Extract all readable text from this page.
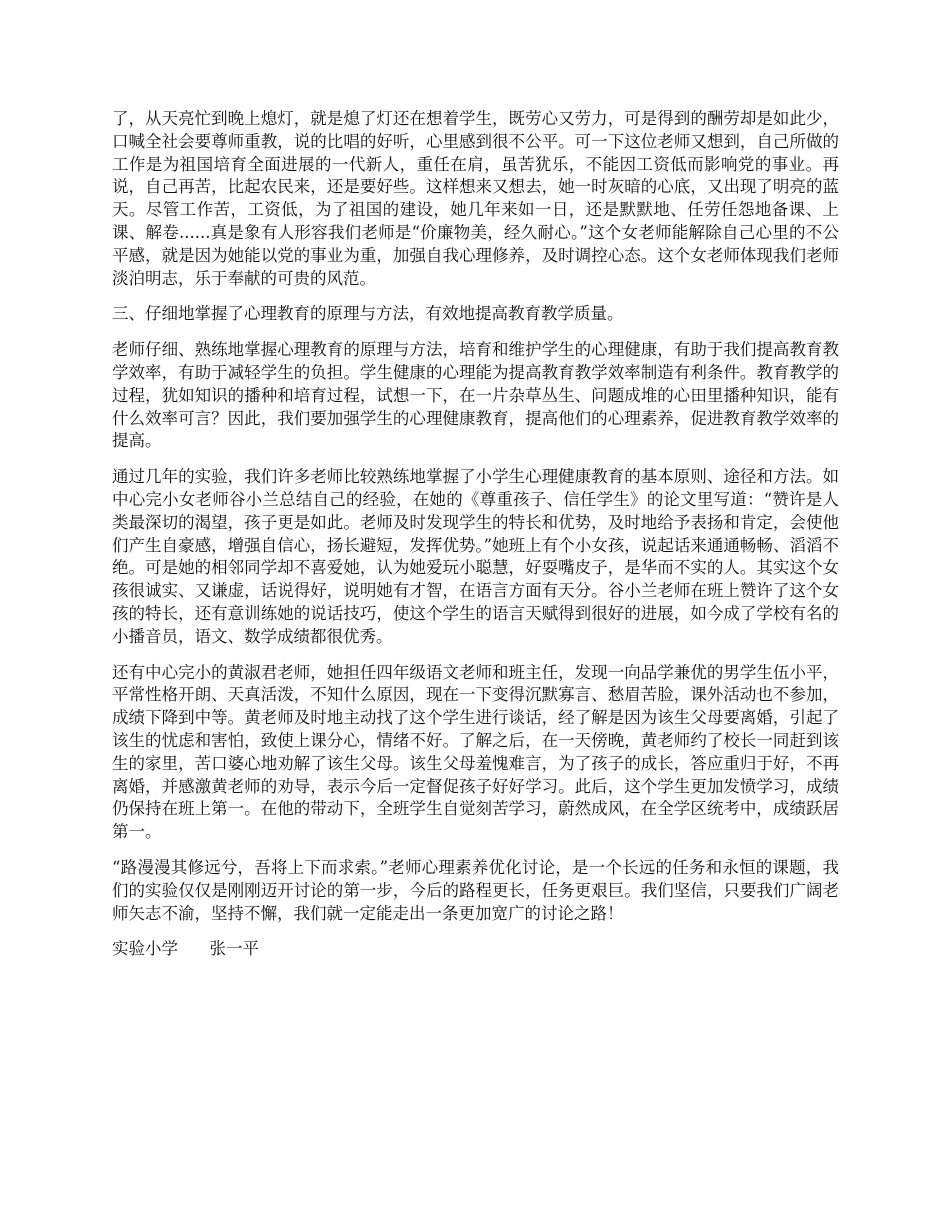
了，从天亮忙到晚上熄灯，就是熄了灯还在想着学生，既劳心又劳力，可是得到的酬劳却是如此少，口喊全社会要尊师重教，说的比唱的好听，心里感到很不公平。可一下这位老师又想到，自己所做的工作是为祖国培育全面进展的一代新人，重任在肩，虽苦犹乐，不能因工资低而影响党的事业。再说，自己再苦，比起农民来，还是要好些。这样想来又想去，她一时灰暗的心底，又出现了明亮的蓝天。尽管工作苦，工资低，为了祖国的建设，她几年来如一日，还是默默地、任劳任怨地备课、上课、解卷......真是象有人形容我们老师是“价廉物美，经久耐心。”这个女老师能解除自己心里的不公平感，就是因为她能以党的事业为重，加强自我心理修养，及时调控心态。这个女老师体现我们老师淡泊明志，乐于奉献的可贵的风范。

三、仔细地掌握了心理教育的原理与方法，有效地提高教育教学质量。

老师仔细、熟练地掌握心理教育的原理与方法，培育和维护学生的心理健康，有助于我们提高教育教学效率，有助于减轻学生的负担。学生健康的心理能为提高教育教学效率制造有利条件。教育教学的过程，犹如知识的播种和培育过程，试想一下，在一片杂草丛生、问题成堆的心田里播种知识，能有什么效率可言？因此，我们要加强学生的心理健康教育，提高他们的心理素养，促进教育教学效率的提高。

通过几年的实验，我们许多老师比较熟练地掌握了小学生心理健康教育的基本原则、途径和方法。如中心完小女老师谷小兰总结自己的经验，在她的《尊重孩子、信任学生》的论文里写道：“赞许是人类最深切的渴望，孩子更是如此。老师及时发现学生的特长和优势，及时地给予表扬和肯定，会使他们产生自豪感，增强自信心，扬长避短，发挥优势。”她班上有个小女孩，说起话来通通畅畅、滔滔不绝。可是她的相邻同学却不喜爱她，认为她爱玩小聪慧，好耍嘴皮子，是华而不实的人。其实这个女孩很诚实、又谦虚，话说得好，说明她有才智，在语言方面有天分。谷小兰老师在班上赞许了这个女孩的特长，还有意训练她的说话技巧，使这个学生的语言天赋得到很好的进展，如今成了学校有名的小播音员，语文、数学成绩都很优秀。

还有中心完小的黄淑君老师，她担任四年级语文老师和班主任，发现一向品学兼优的男学生伍小平，平常性格开朗、天真活泼，不知什么原因，现在一下变得沉默寡言、愁眉苦脸，课外活动也不参加，成绩下降到中等。黄老师及时地主动找了这个学生进行谈话，经了解是因为该生父母要离婚，引起了该生的忧虑和害怕，致使上课分心，情绪不好。了解之后，在一天傍晚，黄老师约了校长一同赶到该生的家里，苦口婆心地劝解了该生父母。该生父母羞愧难言，为了孩子的成长，答应重归于好，不再离婚，并感激黄老师的劝导，表示今后一定督促孩子好好学习。此后，这个学生更加发愤学习，成绩仍保持在班上第一。在他的带动下，全班学生自觉刻苦学习，蔚然成风，在全学区统考中，成绩跃居第一。

“路漫漫其修远兮，吾将上下而求索。”老师心理素养优化讨论，是一个长远的任务和永恒的课题，我们的实验仅仅是刚刚迈开讨论的第一步，今后的路程更长，任务更艰巨。我们坚信，只要我们广阔老师矢志不渝，坚持不懈，我们就一定能走出一条更加宽广的讨论之路！

实验小学 张一平
